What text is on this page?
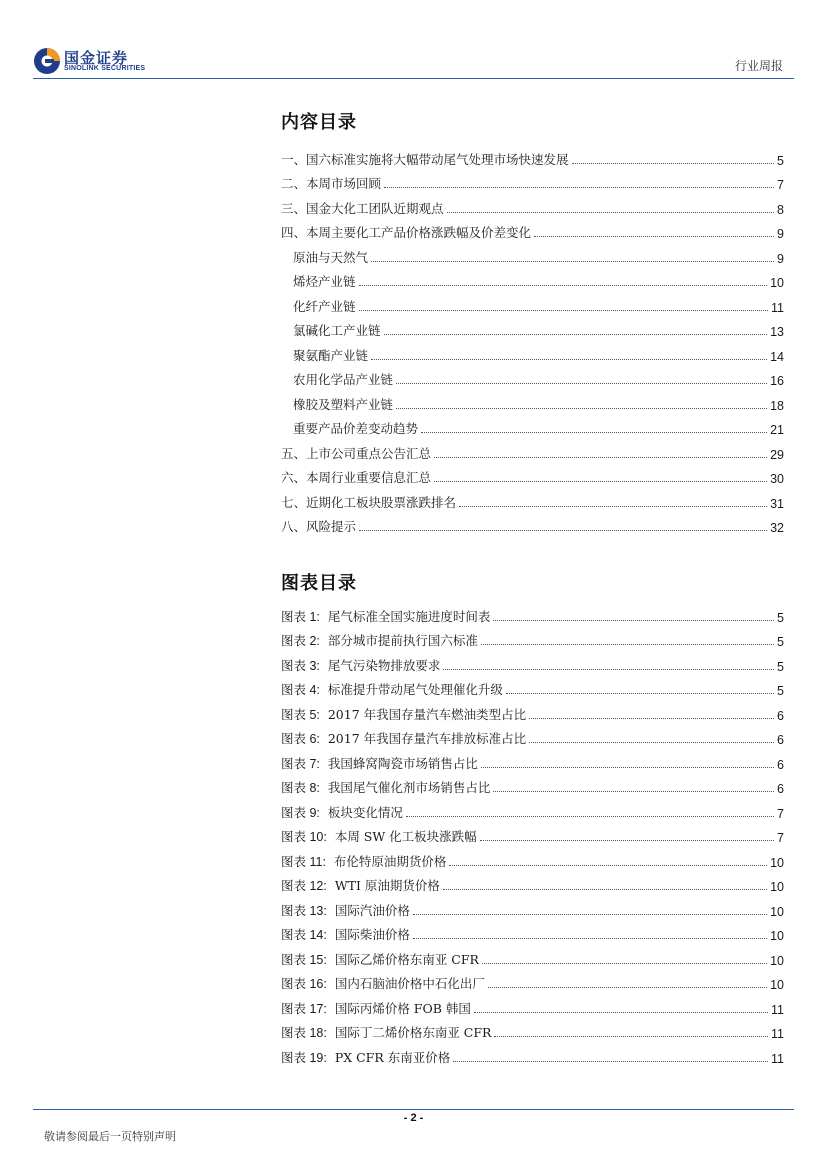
国金证券
SINOLINK SECURITIES	行业周报
内容目录
一、国六标准实施将大幅带动尾气处理市场快速发展	5
二、本周市场回顾	7
三、国金大化工团队近期观点	8
四、本周主要化工产品价格涨跌幅及价差变化	9
原油与天然气	9
烯烃产业链	10
化纤产业链	11
氯碱化工产业链	13
聚氨酯产业链	14
农用化学品产业链	16
橡胶及塑料产业链	18
重要产品价差变动趋势	21
五、上市公司重点公告汇总	29
六、本周行业重要信息汇总	30
七、近期化工板块股票涨跌排名	31
八、风险提示	32
图表目录
图表 1: 尾气标准全国实施进度时间表	5
图表 2: 部分城市提前执行国六标准	5
图表 3: 尾气污染物排放要求	5
图表 4: 标准提升带动尾气处理催化升级	5
图表 5: 2017 年我国存量汽车燃油类型占比	6
图表 6: 2017 年我国存量汽车排放标准占比	6
图表 7: 我国蜂窝陶瓷市场销售占比	6
图表 8: 我国尾气催化剂市场销售占比	6
图表 9: 板块变化情况	7
图表 10: 本周 SW 化工板块涨跌幅	7
图表 11: 布伦特原油期货价格	10
图表 12: WTI 原油期货价格	10
图表 13: 国际汽油价格	10
图表 14: 国际柴油价格	10
图表 15: 国际乙烯价格东南亚 CFR	10
图表 16: 国内石脑油价格中石化出厂	10
图表 17: 国际丙烯价格 FOB 韩国	11
图表 18: 国际丁二烯价格东南亚 CFR	11
图表 19: PX CFR 东南亚价格	11
- 2 -
敬请参阅最后一页特别声明
